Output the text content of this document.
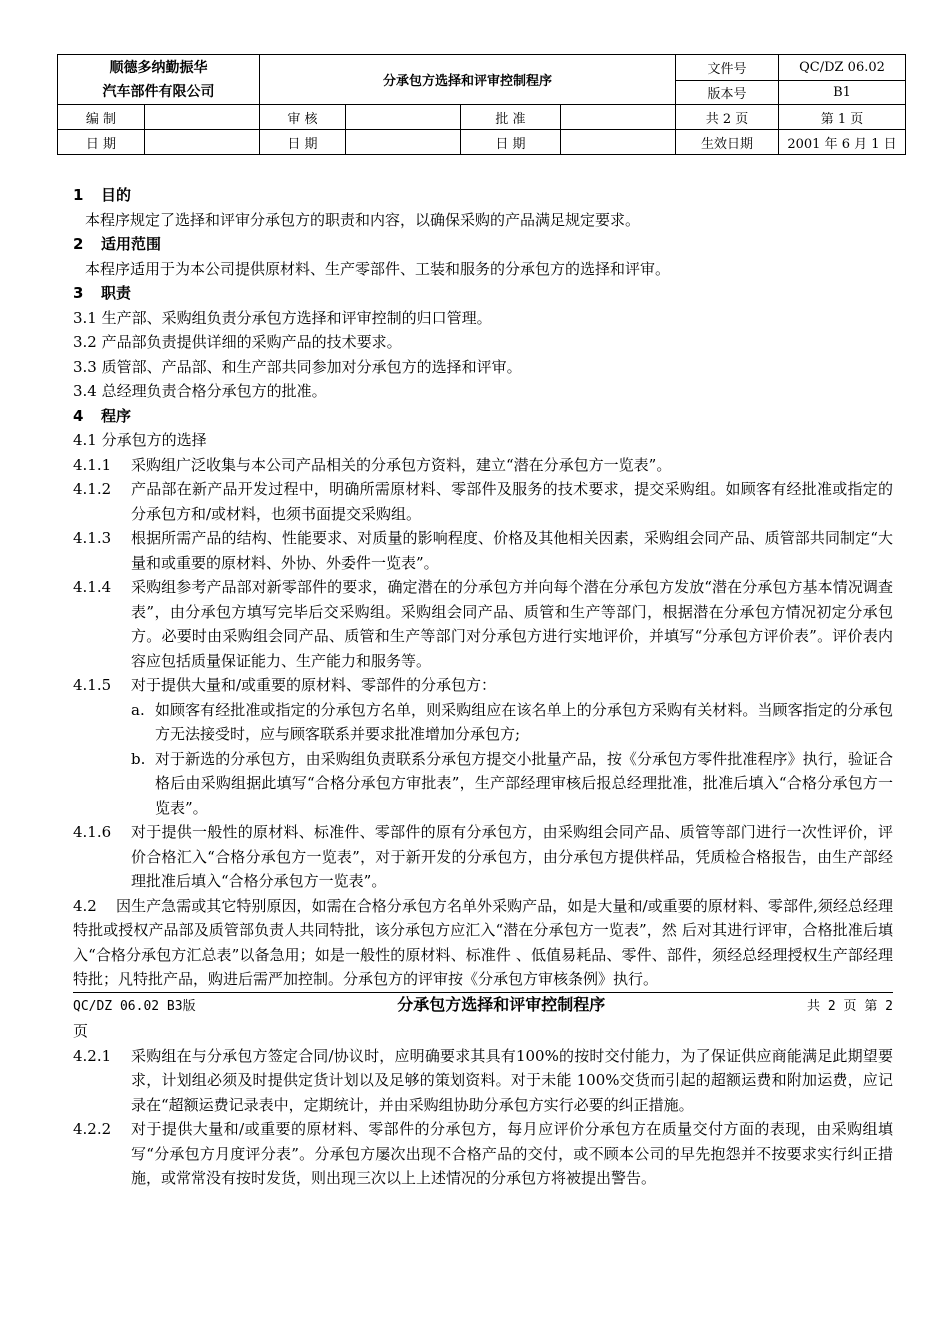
顺德多纳勤振华
汽车部件有限公司		分承包方选择和评审控制程序				文件号	QC/DZ 06.02
						版本号	B1
编 制		审 核		批 准		共 2 页	第 1 页
日 期		日 期		日 期		生效日期	2001 年 6 月 1 日

1 目的

本程序规定了选择和评审分承包方的职责和内容，以确保采购的产品满足规定要求。

2 适用范围

本程序适用于为本公司提供原材料、生产零部件、工装和服务的分承包方的选择和评审。

3 职责

3.1 生产部、采购组负责分承包方选择和评审控制的归口管理。

3.2 产品部负责提供详细的采购产品的技术要求。

3.3 质管部、产品部、和生产部共同参加对分承包方的选择和评审。

3.4 总经理负责合格分承包方的批准。

4 程序

4.1 分承包方的选择

4.1.1	采购组广泛收集与本公司产品相关的分承包方资料，建立“潜在分承包方一览表”。
4.1.2	产品部在新产品开发过程中，明确所需原材料、零部件及服务的技术要求，提交采购组。如顾客有经批准或指定的分承包方和/或材料，也须书面提交采购组。
4.1.3	根据所需产品的结构、性能要求、对质量的影响程度、价格及其他相关因素，采购组会同产品、质管部共同制定“大量和或重要的原材料、外协、外委件一览表”。
4.1.4	采购组参考产品部对新零部件的要求，确定潜在的分承包方并向每个潜在分承包方发放“潜在分承包方基本情况调查表”，由分承包方填写完毕后交采购组。采购组会同产品、质管和生产等部门，根据潜在分承包方情况初定分承包方。必要时由采购组会同产品、质管和生产等部门对分承包方进行实地评价，并填写“分承包方评价表”。评价表内容应包括质量保证能力、生产能力和服务等。
4.1.5	对于提供大量和/或重要的原材料、零部件的分承包方：
a. 如顾客有经批准或指定的分承包方名单，则采购组应在该名单上的分承包方采购有关材料。当顾客指定的分承包方无法接受时，应与顾客联系并要求批准增加分承包方;
b. 对于新选的分承包方，由采购组负责联系分承包方提交小批量产品，按《分承包方零件批准程序》执行，验证合格后由采购组据此填写“合格分承包方审批表”，生产部经理审核后报总经理批准，批准后填入“合格分承包方一览表”。
4.1.6	对于提供一般性的原材料、标准件、零部件的原有分承包方，由采购组会同产品、质管等部门进行一次性评价，评价合格汇入“合格分承包方一览表”，对于新开发的分承包方，由分承包方提供样品，凭质检合格报告，由生产部经理批准后填入“合格分承包方一览表”。

4.2 因生产急需或其它特别原因，如需在合格分承包方名单外采购产品，如是大量和/或重要的原材料、零部件,须经总经理特批或授权产品部及质管部负责人共同特批，该分承包方应汇入“潜在分承包方一览表”，然 后对其进行评审，合格批准后填入“合格分承包方汇总表”以备急用；如是一般性的原材料、标准件 、低值易耗品、零件、部件，须经总经理授权生产部经理特批；凡特批产品，购进后需严加控制。分承包方的评审按《分承包方审核条例》执行。

QC/DZ 06.02 B3版	分承包方选择和评审控制程序	共 2 页 第 2

页

4.2.1	采购组在与分承包方签定合同/协议时，应明确要求其具有100%的按时交付能力，为了保证供应商能满足此期望要求，计划组必须及时提供定货计划以及足够的策划资料。对于未能 100%交货而引起的超额运费和附加运费，应记录在“超额运费记录表中，定期统计，并由采购组协助分承包方实行必要的纠正措施。
4.2.2	对于提供大量和/或重要的原材料、零部件的分承包方，每月应评价分承包方在质量交付方面的表现，由采购组填写“分承包方月度评分表”。分承包方屡次出现不合格产品的交付，或不顾本公司的早先抱怨并不按要求实行纠正措施，或常常没有按时发货，则出现三次以上上述情况的分承包方将被提出警告。
